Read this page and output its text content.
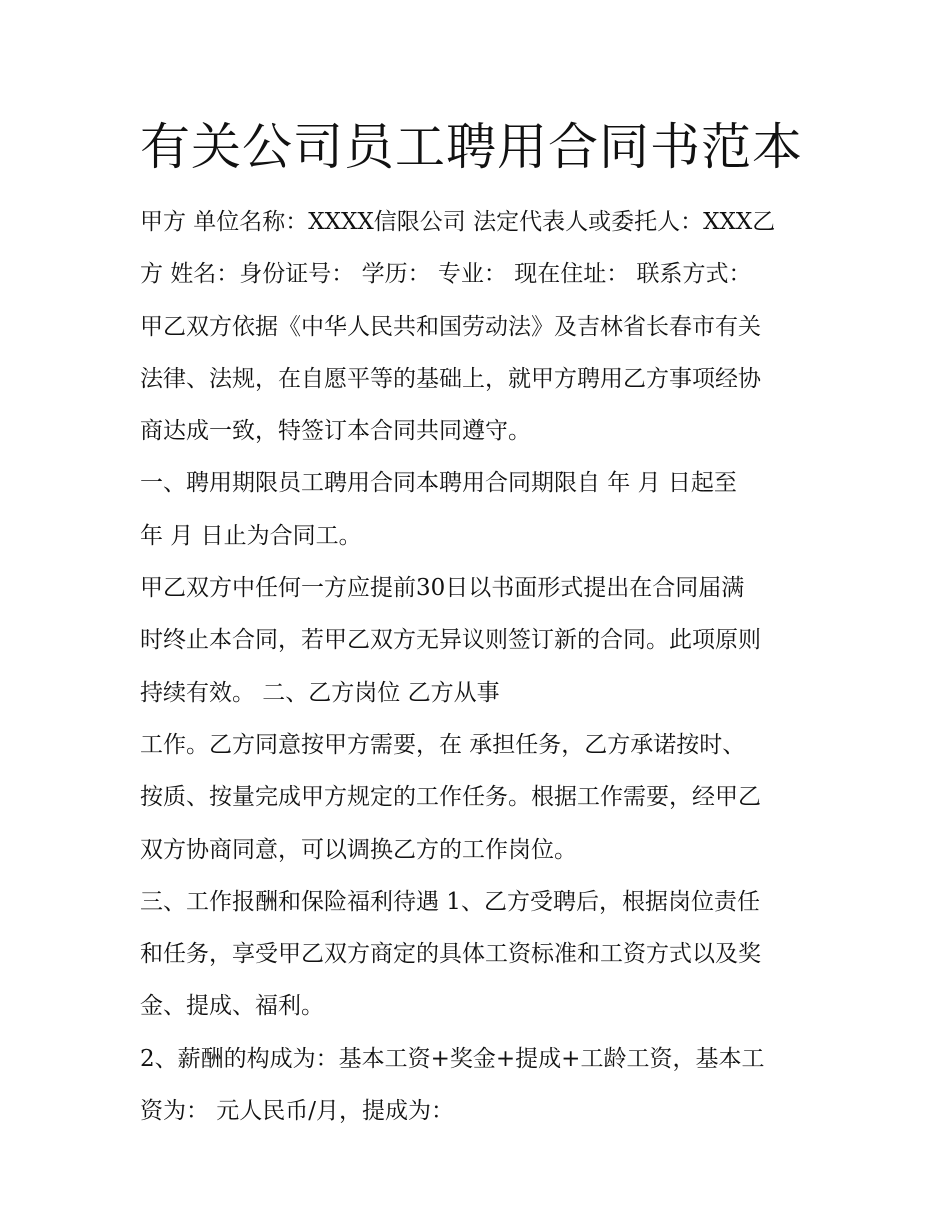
有关公司员工聘用合同书范本
甲方 单位名称：XXXX信限公司 法定代表人或委托人：XXX乙
方 姓名：身份证号： 学历： 专业： 现在住址： 联系方式：
甲乙双方依据《中华人民共和国劳动法》及吉林省长春市有关
法律、法规，在自愿平等的基础上，就甲方聘用乙方事项经协
商达成一致，特签订本合同共同遵守。
一、聘用期限员工聘用合同本聘用合同期限自 年 月 日起至
年 月 日止为合同工。
甲乙双方中任何一方应提前30日以书面形式提出在合同届满
时终止本合同，若甲乙双方无异议则签订新的合同。此项原则
持续有效。 二、乙方岗位 乙方从事
工作。乙方同意按甲方需要，在 承担任务，乙方承诺按时、
按质、按量完成甲方规定的工作任务。根据工作需要，经甲乙
双方协商同意，可以调换乙方的工作岗位。
三、工作报酬和保险福利待遇 1、乙方受聘后，根据岗位责任
和任务，享受甲乙双方商定的具体工资标准和工资方式以及奖
金、提成、福利。
2、薪酬的构成为：基本工资+奖金+提成+工龄工资，基本工
资为： 元人民币/月，提成为：
